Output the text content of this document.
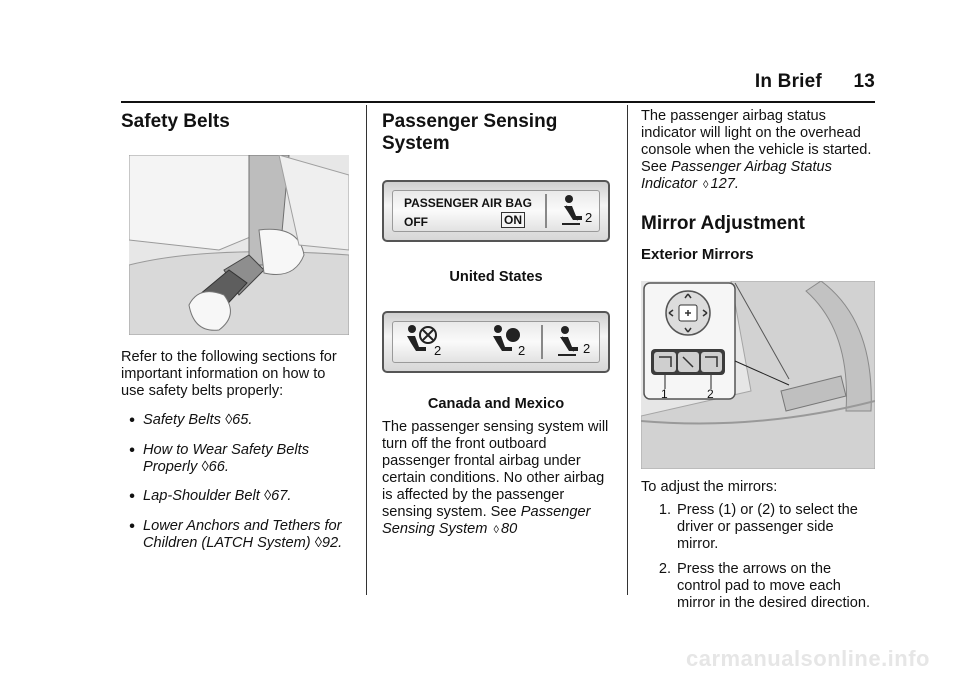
In Brief 13
Safety Belts

Refer to the following sections for important information on how to use safety belts properly:

• Safety Belts ◊65.
• How to Wear Safety Belts Properly ◊66.
• Lap-Shoulder Belt ◊67.
• Lower Anchors and Tethers for Children (LATCH System) ◊92.
Passenger Sensing
System
PASSENGER AIR BAG
OFF	ON	2
United States
2	2	2
Canada and Mexico

The passenger sensing system will turn off the front outboard passenger frontal airbag under certain conditions. No other airbag is affected by the passenger sensing system. See Passenger Sensing System ◊ 80

The passenger airbag status indicator will light on the overhead console when the vehicle is started. See Passenger Airbag Status Indicator ◊ 127.

Mirror Adjustment
Exterior Mirrors
1	2

To adjust the mirrors:

1. Press (1) or (2) to select the driver or passenger side mirror.
2. Press the arrows on the control pad to move each mirror in the desired direction.
carmanualsonline.info
